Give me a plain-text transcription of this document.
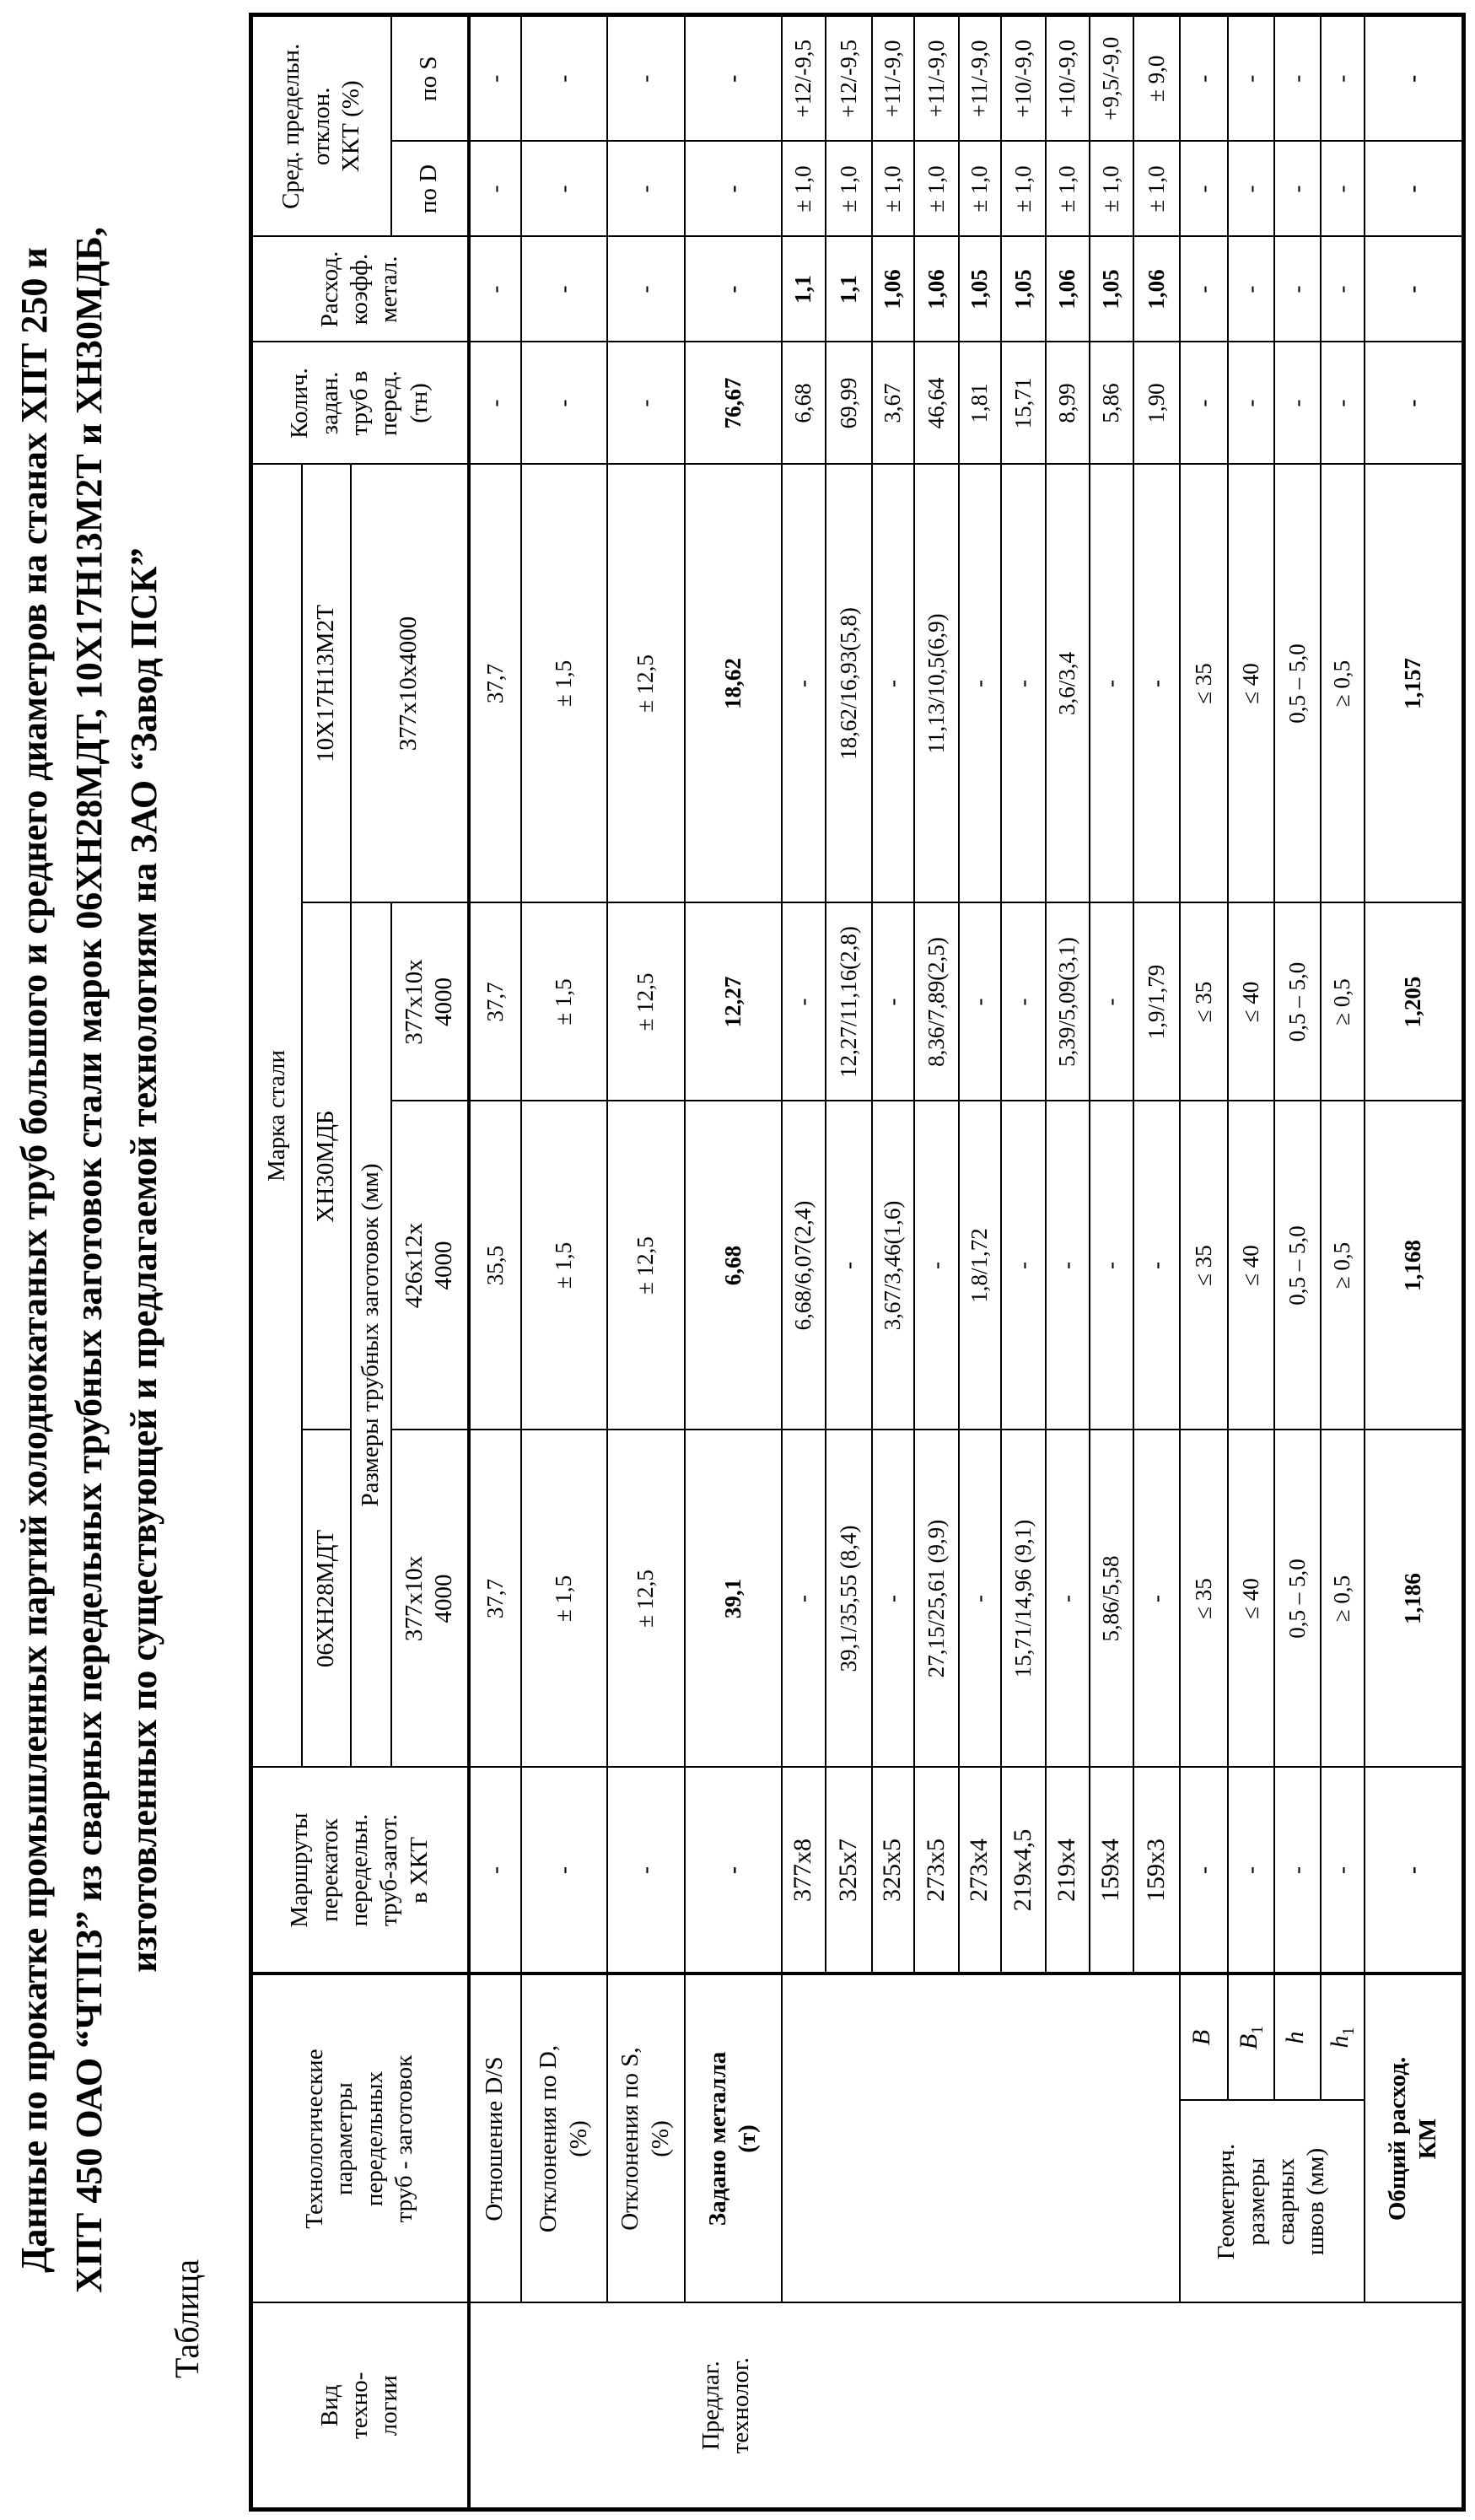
Данные по прокатке промышленных партий холоднокатаных труб большого и среднего диаметров на станах ХПТ 250 и ХПТ 450 ОАО “ЧТПЗ” из сварных передельных трубных заготовок стали марок 06ХН28МДТ, 10Х17Н13М2Т и ХН30МДБ, изготовленных по существующей и предлагаемой технологиям на ЗАО “Завод ПСК”
Таблица
Вид
техно-
логии	Технологические
параметры
передельных
труб - заготовок		Маршруты
перекаток
передельн.
труб-загот.
в ХКТ	Марка стали				Колич.
задан.
труб в
перед.
(тн)	Расход.
коэфф.
метал.	Сред. предельн.
отклон.
ХКТ (%)	
				06ХН28МДТ	ХН30МДБ		10Х17Н13М2Т				
				Размеры трубных заготовок (мм)			377х10х4000				
				377х10х
4000	426х12х
4000	377х10х
4000				по D	по S
Предлаг.
технолог.	Отношение D/S		-	37,7	35,5	37,7	37,7	-	-	-	-
	Отклонения по D,
(%)		-	± 1,5	± 1,5	± 1,5	± 1,5	-	-	-	-
	Отклонения по S,
(%)		-	± 12,5	± 12,5	± 12,5	± 12,5	-	-	-	-
	Задано металла
(т)		-	39,1	6,68	12,27	18,62	76,67	-	-	-
			377х8	-	6,68/6,07(2,4)	-	-	6,68	1,1	± 1,0	+12/-9,5
			325х7	39,1/35,55 (8,4)	-	12,27/11,16(2,8)	18,62/16,93(5,8)	69,99	1,1	± 1,0	+12/-9,5
			325х5	-	3,67/3,46(1,6)	-	-	3,67	1,06	± 1,0	+11/-9,0
			273х5	27,15/25,61 (9,9)	-	8,36/7,89(2,5)	11,13/10,5(6,9)	46,64	1,06	± 1,0	+11/-9,0
			273х4	-	1,8/1,72	-	-	1,81	1,05	± 1,0	+11/-9,0
			219х4,5	15,71/14,96 (9,1)	-	-	-	15,71	1,05	± 1,0	+10/-9,0
			219х4	-	-	5,39/5,09(3,1)	3,6/3,4	8,99	1,06	± 1,0	+10/-9,0
			159х4	5,86/5,58	-	-	-	5,86	1,05	± 1,0	+9,5/-9,0
			159х3	-	-	1,9/1,79	-	1,90	1,06	± 1,0	± 9,0
	Геометрич.
размеры
сварных
швов (мм)	B	-	≤ 35	≤ 35	≤ 35	≤ 35	-	-	-	-
		$B_1$	-	≤ 40	≤ 40	≤ 40	≤ 40	-	-	-	-
		h	-	0,5 – 5,0	0,5 – 5,0	0,5 – 5,0	0,5 – 5,0	-	-	-	-
		$h_1$	-	≥ 0,5	≥ 0,5	≥ 0,5	≥ 0,5	-	-	-	-
	Общий расход.
КМ		-	1,186	1,168	1,205	1,157	-	-	-	-
